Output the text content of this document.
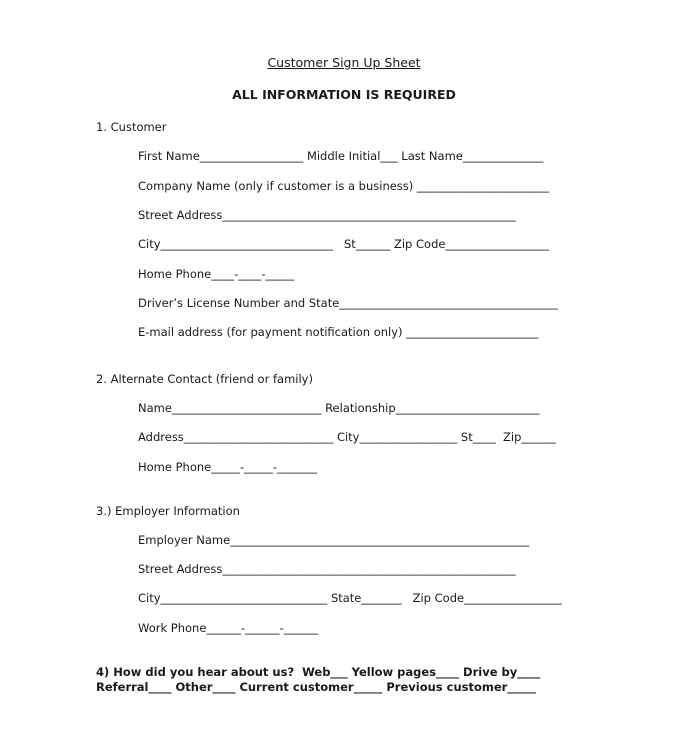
Customer Sign Up Sheet
ALL INFORMATION IS REQUIRED
1. Customer
First Name__________________ Middle Initial___ Last Name______________
Company Name (only if customer is a business) _______________________
Street Address___________________________________________________
City______________________________   St______ Zip Code__________________
Home Phone____-____-_____
Driver’s License Number and State______________________________________
E-mail address (for payment notification only) _______________________
2. Alternate Contact (friend or family)
Name__________________________ Relationship_________________________
Address__________________________ City_________________ St____  Zip______
Home Phone_____-_____-_______
3.) Employer Information
Employer Name____________________________________________________
Street Address___________________________________________________
City_____________________________ State_______   Zip Code_________________
Work Phone______-______-______
4) How did you hear about us?  Web___ Yellow pages____ Drive by____
Referral____ Other____ Current customer_____ Previous customer_____
